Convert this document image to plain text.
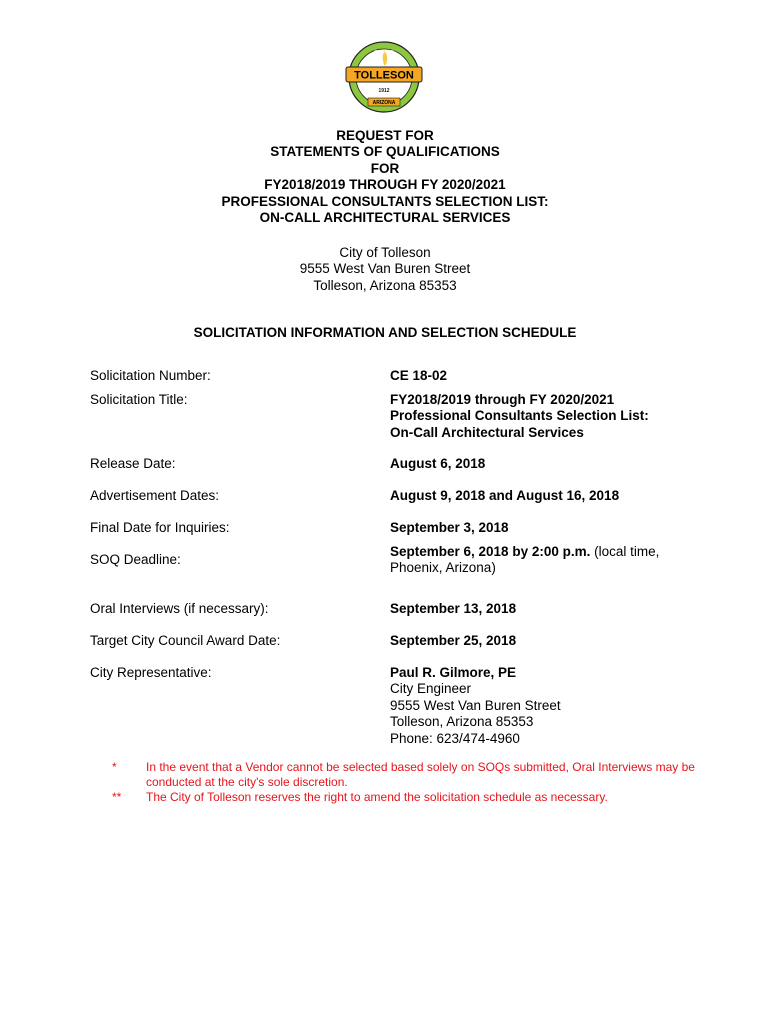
TOLLESON
CITY OF
1912
ARIZONA
REQUEST FOR
STATEMENTS OF QUALIFICATIONS
FOR
FY2018/2019 THROUGH FY 2020/2021
PROFESSIONAL CONSULTANTS SELECTION LIST:
ON-CALL ARCHITECTURAL SERVICES
City of Tolleson
9555 West Van Buren Street
Tolleson, Arizona 85353
SOLICITATION INFORMATION AND SELECTION SCHEDULE
Solicitation Number:	CE 18-02
Solicitation Title:	FY2018/2019 through FY 2020/2021
Professional Consultants Selection List:
On-Call Architectural Services
Release Date:	August 6, 2018
Advertisement Dates:	August 9, 2018 and August 16, 2018
Final Date for Inquiries:	September 3, 2018
SOQ Deadline:
September 6, 2018 by 2:00 p.m. (local time,
Phoenix, Arizona)
Oral Interviews (if necessary):	September 13, 2018
Target City Council Award Date:	September 25, 2018
City Representative:	Paul R. Gilmore, PE
City Engineer
9555 West Van Buren Street
Tolleson, Arizona 85353
Phone: 623/474-4960
* In the event that a Vendor cannot be selected based solely on SOQs submitted, Oral Interviews may be conducted at the city's sole discretion.
** The City of Tolleson reserves the right to amend the solicitation schedule as necessary.
